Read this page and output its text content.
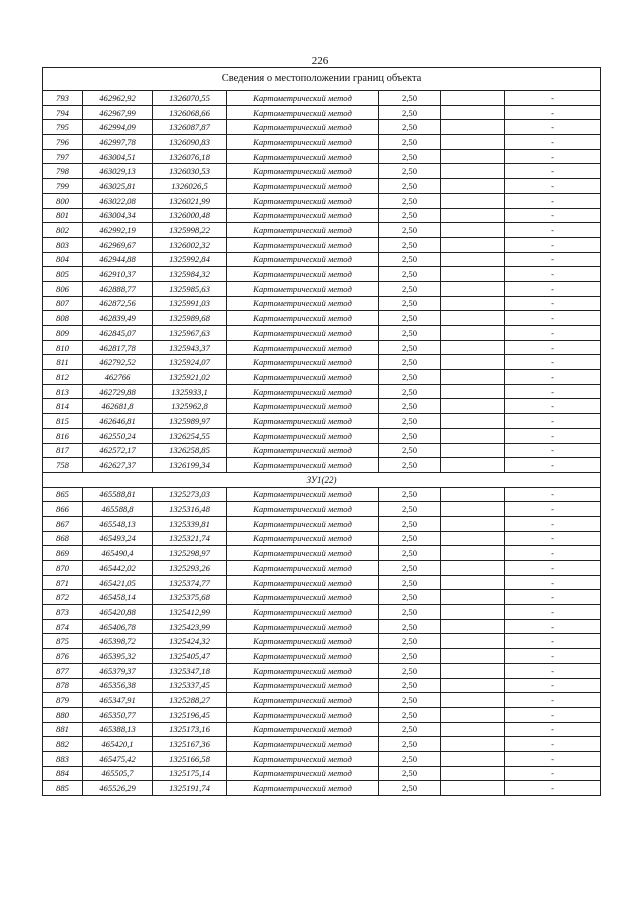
226
Сведения о местоположении границ объекта						
793	462962,92	1326070,55	Картометрический метод	2,50		-
794	462967,99	1326068,66	Картометрический метод	2,50		-
795	462994,09	1326087,87	Картометрический метод	2,50		-
796	462997,78	1326090,83	Картометрический метод	2,50		-
797	463004,51	1326076,18	Картометрический метод	2,50		-
798	463029,13	1326030,53	Картометрический метод	2,50		-
799	463025,81	1326026,5	Картометрический метод	2,50		-
800	463022,08	1326021,99	Картометрический метод	2,50		-
801	463004,34	1326000,48	Картометрический метод	2,50		-
802	462992,19	1325998,22	Картометрический метод	2,50		-
803	462969,67	1326002,32	Картометрический метод	2,50		-
804	462944,88	1325992,84	Картометрический метод	2,50		-
805	462910,37	1325984,32	Картометрический метод	2,50		-
806	462888,77	1325985,63	Картометрический метод	2,50		-
807	462872,56	1325991,03	Картометрический метод	2,50		-
808	462839,49	1325989,68	Картометрический метод	2,50		-
809	462845,07	1325967,63	Картометрический метод	2,50		-
810	462817,78	1325943,37	Картометрический метод	2,50		-
811	462792,52	1325924,07	Картометрический метод	2,50		-
812	462766	1325921,02	Картометрический метод	2,50		-
813	462729,88	1325933,1	Картометрический метод	2,50		-
814	462681,8	1325962,8	Картометрический метод	2,50		-
815	462646,81	1325989,97	Картометрический метод	2,50		-
816	462550,24	1326254,55	Картометрический метод	2,50		-
817	462572,17	1326258,85	Картометрический метод	2,50		-
758	462627,37	1326199,34	Картометрический метод	2,50		-
ЗУ1(22)						
865	465588,81	1325273,03	Картометрический метод	2,50		-
866	465588,8	1325316,48	Картометрический метод	2,50		-
867	465548,13	1325339,81	Картометрический метод	2,50		-
868	465493,24	1325321,74	Картометрический метод	2,50		-
869	465490,4	1325298,97	Картометрический метод	2,50		-
870	465442,02	1325293,26	Картометрический метод	2,50		-
871	465421,05	1325374,77	Картометрический метод	2,50		-
872	465458,14	1325375,68	Картометрический метод	2,50		-
873	465420,88	1325412,99	Картометрический метод	2,50		-
874	465406,78	1325423,99	Картометрический метод	2,50		-
875	465398,72	1325424,32	Картометрический метод	2,50		-
876	465395,32	1325405,47	Картометрический метод	2,50		-
877	465379,37	1325347,18	Картометрический метод	2,50		-
878	465356,38	1325337,45	Картометрический метод	2,50		-
879	465347,91	1325288,27	Картометрический метод	2,50		-
880	465350,77	1325196,45	Картометрический метод	2,50		-
881	465388,13	1325173,16	Картометрический метод	2,50		-
882	465420,1	1325167,36	Картометрический метод	2,50		-
883	465475,42	1325166,58	Картометрический метод	2,50		-
884	465505,7	1325175,14	Картометрический метод	2,50		-
885	465526,29	1325191,74	Картометрический метод	2,50		-
